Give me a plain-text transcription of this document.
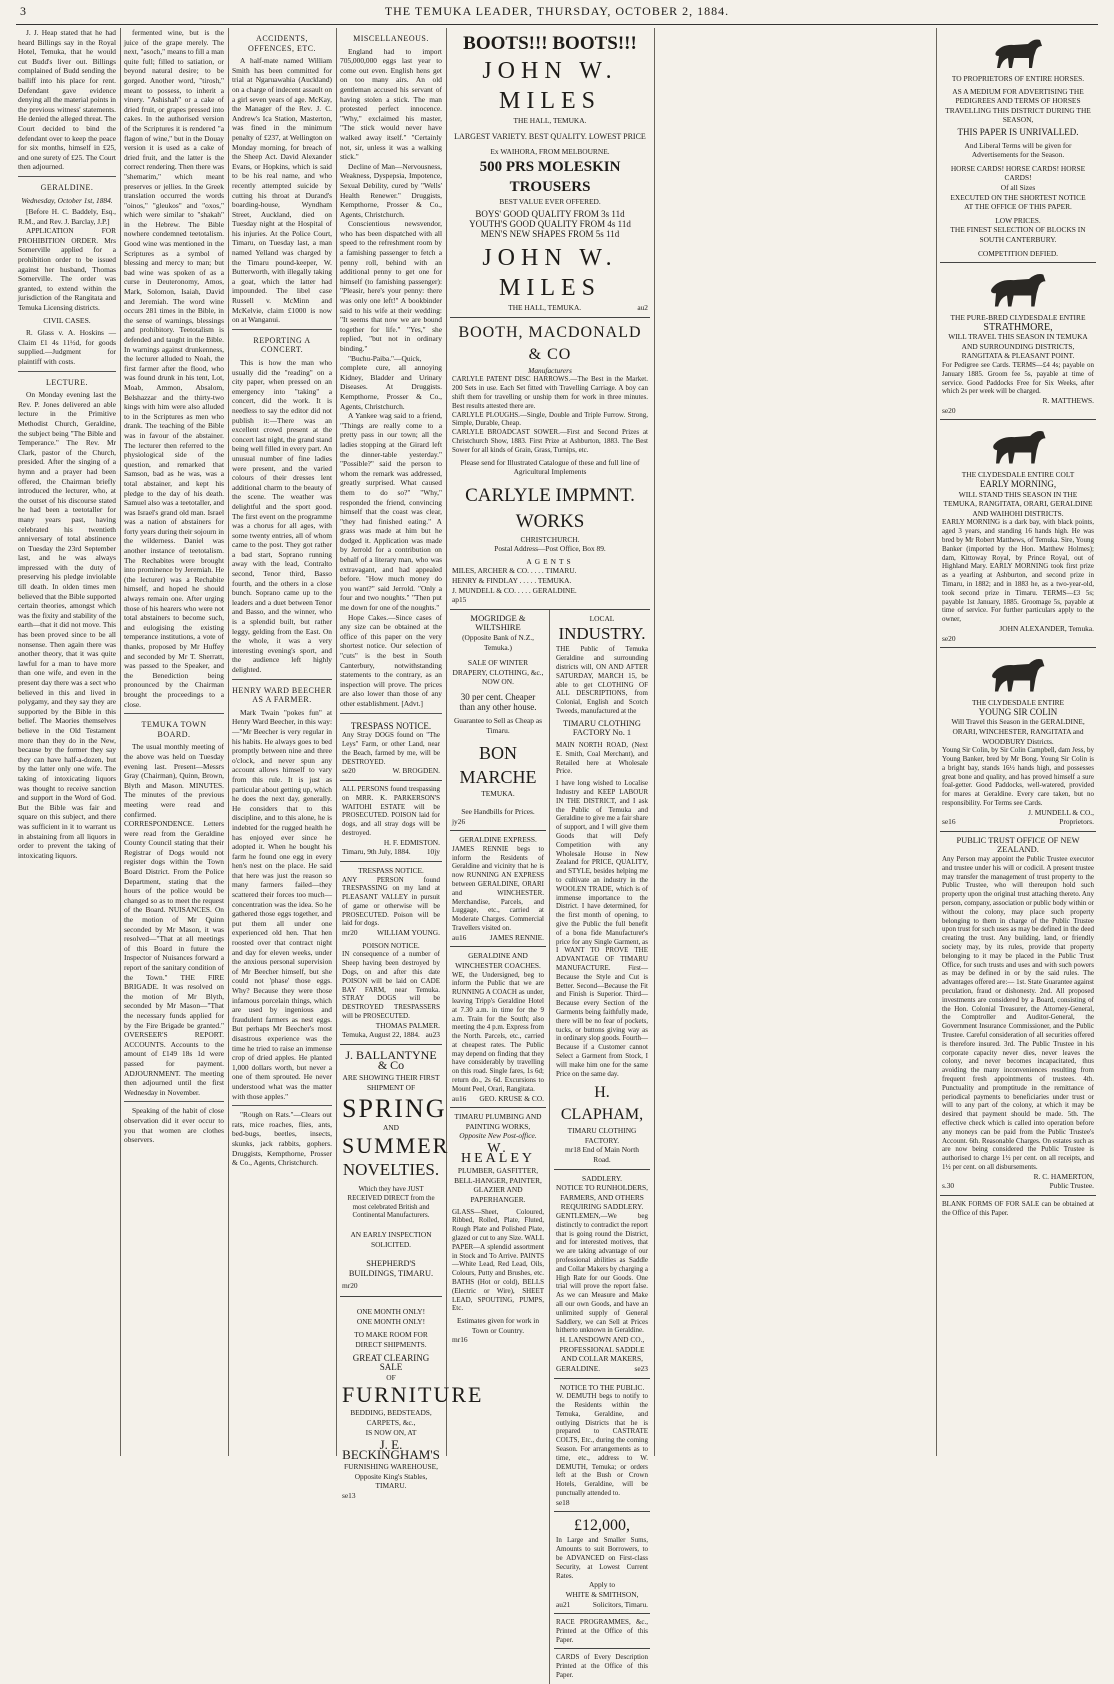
3	THE TEMUKA LEADER, THURSDAY, OCTOBER 2, 1884.

J. J. Heap stated that he had heard Billings say in the Royal Hotel, Temuka, that he would cut Budd's liver out. Billings complained of Budd sending the bailiff into his place for rent. Defendant gave evidence denying all the material points in the previous witness' statements. He denied the alleged threat. The Court decided to bind the defendant over to keep the peace for six months, himself in £25, and one surety of £25. The Court then adjourned.

GERALDINE.
Wednesday, October 1st, 1884.

[Before H. C. Baddely, Esq., R.M., and Rev. J. Barclay, J.P.]

APPLICATION FOR PROHIBITION ORDER. Mrs Somerville applied for a prohibition order to be issued against her husband, Thomas Somerville. The order was granted, to extend within the jurisdiction of the Rangitata and Temuka Licensing districts.

CIVIL CASES.

R. Glass v. A. Hoskins — Claim £1 4s 11½d, for goods supplied.—Judgment for plaintiff with costs.

LECTURE.

On Monday evening last the Rev. P. Jones delivered an able lecture in the Primitive Methodist Church, Geraldine, the subject being "The Bible and Temperance." The Rev. Mr Clark, pastor of the Church, presided. After the singing of a hymn and a prayer had been offered, the Chairman briefly introduced the lecturer, who, at the outset of his discourse stated he had been a teetotaller for many years past, having celebrated his twentieth anniversary of total abstinence on Tuesday the 23rd September last, and he was always impressed with the duty of preserving his pledge inviolable till death. In olden times men believed that the Bible supported certain theories, amongst which was the fixity and stability of the earth—that it did not move. This has been proved since to be all nonsense. Then again there was another theory, that it was quite lawful for a man to have more than one wife, and even in the present day there was a sect who believed in this and lived in polygamy, and they say they are supported by the Bible in this belief. The Maories themselves believe in the Old Testament more than they do in the New, because by the former they say they can have half-a-dozen, but by the latter only one wife. The taking of intoxicating liquors was thought to receive sanction and support in the Word of God. But the Bible was fair and square on this subject, and there was sufficient in it to warrant us in abstaining from all liquors in order to prevent the taking of intoxicating liquors.

fermented wine, but is the juice of the grape merely. The next, "asoch," means to fill a man quite full; filled to satiation, or beyond natural desire; to be gorged. Another word, "tirosh," meant to possess, to inherit a vinery. "Ashishah" or a cake of dried fruit, or grapes pressed into cakes. In the authorised version of the Scriptures it is rendered "a flagon of wine," but in the Douay version it is used as a cake of dried fruit, and the latter is the correct rendering. Then there was "shemarim," which meant preserves or jellies. In the Greek translation occurred the words "oinos," "gleukos" and "oxos," which were similar to "shakah" in the Hebrew. The Bible nowhere condemned teetotalism. Good wine was mentioned in the Scriptures as a symbol of blessing and mercy to man; but bad wine was spoken of as a curse in Deuteronomy, Amos, Mark, Solomon, Isaiah, David and Jeremiah. The word wine occurs 281 times in the Bible, in the sense of warnings, blessings and prohibitory. Teetotalism is defended and taught in the Bible. In warnings against drunkenness, the lecturer alluded to Noah, the first farmer after the flood, who was found drunk in his tent, Lot, Moab, Ammon, Absalom, Belshazzar and the thirty-two kings with him were also alluded to in the Scriptures as men who drank. The teaching of the Bible was in favour of the abstainer. The lecturer then referred to the physiological side of the question, and remarked that Samson, bad as he was, was a total abstainer, and kept his pledge to the day of his death. Samuel also was a teetotaller, and was Israel's grand old man. Israel was a nation of abstainers for forty years during their sojourn in the wilderness. Daniel was another instance of teetotalism. The Rechabites were brought into prominence by Jeremiah. He (the lecturer) was a Rechabite himself, and hoped he should always remain one. After urging those of his hearers who were not total abstainers to become such, and eulogising the existing temperance institutions, a vote of thanks, proposed by Mr Huffey and seconded by Mr T. Sherratt, was passed to the Speaker, and the Benediction being pronounced by the Chairman brought the proceedings to a close.

TEMUKA TOWN BOARD.

The usual monthly meeting of the above was held on Tuesday evening last. Present—Messrs Gray (Chairman), Quinn, Brown, Blyth and Mason. MINUTES. The minutes of the previous meeting were read and confirmed. CORRESPONDENCE. Letters were read from the Geraldine County Council stating that their Registrar of Dogs would not register dogs within the Town Board District. From the Police Department, stating that the hours of the police would be changed so as to meet the request of the Board. NUISANCES. On the motion of Mr Quinn seconded by Mr Mason, it was resolved—"That at all meetings of this Board in future the Inspector of Nuisances forward a report of the sanitary condition of the Town." THE FIRE BRIGADE. It was resolved on the motion of Mr Blyth, seconded by Mr Mason—"That the necessary funds applied for by the Fire Brigade be granted." OVERSEER'S REPORT. ACCOUNTS. Accounts to the amount of £149 18s 1d were passed for payment. ADJOURNMENT. The meeting then adjourned until the first Wednesday in November.

Speaking of the habit of close observation did it ever occur to you that women are clothes observers.

ACCIDENTS, OFFENCES, ETC.

A half-mate named William Smith has been committed for trial at Ngaruawahia (Auckland) on a charge of indecent assault on a girl seven years of age. McKay, the Manager of the Rev. J. C. Andrew's Ica Station, Masterton, was fined in the minimum penalty of £237, at Wellington on Monday morning, for breach of the Sheep Act. David Alexander Evans, or Hopkins, which is said to be his real name, and who recently attempted suicide by cutting his throat at Durand's boarding-house, Wyndham Street, Auckland, died on Tuesday night at the Hospital of his injuries. At the Police Court, Timaru, on Tuesday last, a man named Yelland was charged by the Timaru pound-keeper, W. Butterworth, with illegally taking a goat, which the latter had impounded. The libel case Russell v. McMinn and McKelvie, claim £1000 is now on at Wanganui.

REPORTING A CONCERT.

This is how the man who usually did the "reading" on a city paper, when pressed on an emergency into "taking" a concert, did the work. It is needless to say the editor did not publish it:—There was an excellent crowd present at the concert last night, the grand stand being well filled in every part. An unusual number of fine ladies were present, and the varied colours of their dresses lent additional charm to the beauty of the scene. The weather was delightful and the sport good. The first event on the programme was a chorus for all ages, with some twenty entries, all of whom came to the post. They got rather a bad start, Soprano running away with the lead, Contralto second, Tenor third, Basso fourth, and the others in a close bunch. Soprano came up to the leaders and a duet between Tenor and Basso, and the winner, who is a splendid built, but rather leggy, gelding from the East. On the whole, it was a very interesting evening's sport, and the audience left highly delighted.

HENRY WARD BEECHER AS A FARMER.

Mark Twain "pokes fun" at Henry Ward Beecher, in this way:—"Mr Beecher is very regular in his habits. He always goes to bed promptly between nine and three o'clock, and never spun any account allows himself to vary from this rule. It is just as particular about getting up, which he does the next day, generally. He considers that to this discipline, and to this alone, he is indebted for the rugged health he has enjoyed ever since he adopted it. When he bought his farm he found one egg in every hen's nest on the place. He said that here was just the reason so many farmers failed—they scattered their forces too much—concentration was the idea. So he gathered those eggs together, and put them all under one experienced old hen. That hen roosted over that contract night and day for eleven weeks, under the anxious personal supervision of Mr Beecher himself, but she could not 'phase' those eggs. Why? Because they were those infamous porcelain things, which are used by ingenious and fraudulent farmers as nest eggs. But perhaps Mr Beecher's most disastrous experience was the time he tried to raise an immense crop of dried apples. He planted 1,000 dollars worth, but never a one of them sprouted. He never understood what was the matter with those apples."

"Rough on Rats."—Clears out rats, mice roaches, flies, ants, bed-bugs, beetles, insects, skunks, jack rabbits, gophers. Druggists, Kempthorne, Prosser & Co., Agents, Christchurch.

MISCELLANEOUS.

England had to import 705,000,000 eggs last year to come out even. English hens get on too many airs. An old gentleman accused his servant of having stolen a stick. The man protested perfect innocence. "Why," exclaimed his master, "The stick would never have walked away itself." "Certainly not, sir, unless it was a walking stick."

Decline of Man—Nervousness, Weakness, Dyspepsia, Impotence, Sexual Debility, cured by "Wells' Health Renewer." Druggists, Kempthorne, Prosser & Co., Agents, Christchurch.

Conscientious newsvendor, who has been dispatched with all speed to the refreshment room by a famishing passenger to fetch a penny roll, behind with an additional penny to get one for himself (to famishing passenger): "Pleasir, here's your penny: there was only one left!" A bookbinder said to his wife at their wedding: "It seems that now we are bound together for life." "Yes," she replied, "but not in ordinary binding."

"Buchu-Paiba."—Quick, complete cure, all annoying Kidney, Bladder and Urinary Diseases. At Druggists. Kempthorne, Prosser & Co., Agents, Christchurch.

A Yankee wag said to a friend, "Things are really come to a pretty pass in our town; all the ladies stopping at the Girard left the dinner-table yesterday." "Possible?" said the person to whom the remark was addressed, greatly surprised. What caused them to do so?" "Why," responded the friend, convincing himself that the coast was clear, "they had finished eating." A grass was made at him but he dodged it. Application was made by Jerrold for a contribution on behalf of a literary man, who was extravagant, and had appealed before. "How much money do you want?" said Jerrold. "Only a four and two noughts." "Then put me down for one of the noughts."

Hope Cakes.—Since cases of any size can be obtained at the office of this paper on the very shortest notice. Our selection of "cuts" is the best in South Canterbury, notwithstanding statements to the contrary, as an inspection will prove. The prices are also lower than those of any other establishment. [Advt.]

TRESPASS NOTICE.
Any Stray DOGS found on "The Leys" Farm, or other Land, near the Beach, farmed by me, will be DESTROYED.
se20	W. BROGDEN.
ALL PERSONS found trespassing on MRR. K. PARKERSON'S WAITOHI ESTATE will be PROSECUTED. POISON laid for dogs, and all stray dogs will be destroyed.
H. F. EDMISTON.
Timaru, 9th July, 1884. 10jy
TRESPASS NOTICE.
ANY PERSON found TRESPASSING on my land at PLEASANT VALLEY in pursuit of game or otherwise will be PROSECUTED. Poison will be laid for dogs.
mr20	WILLIAM YOUNG.
POISON NOTICE.
IN consequence of a number of Sheep having been destroyed by Dogs, on and after this date POISON will be laid on CADE BAY FARM, near Temuka. STRAY DOGS will be DESTROYED TRESPASSERS will be PROSECUTED.
THOMAS PALMER.
Temuka, August 22, 1884. au23
J. BALLANTYNE & Co
ARE SHOWING THEIR FIRST SHIPMENT OF
SPRING
AND
SUMMER
NOVELTIES.
Which they have JUST RECEIVED DIRECT from the most celebrated British and Continental Manufacturers.
AN EARLY INSPECTION SOLICITED.
SHEPHERD'S BUILDINGS, TIMARU.
mr20
ONE MONTH ONLY!
ONE MONTH ONLY!
TO MAKE ROOM FOR DIRECT SHIPMENTS.
GREAT CLEARING SALE
OF
FURNITURE
BEDDING, BEDSTEADS, CARPETS, &c.,
IS NOW ON, AT
J. E. BECKINGHAM'S
FURNISHING WAREHOUSE, Opposite King's Stables, TIMARU.
se13
BOOTS!!! BOOTS!!!
JOHN W. MILES
THE HALL, TEMUKA.
LARGEST VARIETY. BEST QUALITY. LOWEST PRICE
Ex WAIHORA, FROM MELBOURNE.
500 PRS MOLESKIN TROUSERS
BEST VALUE EVER OFFERED.
BOYS' GOOD QUALITY FROM 3s 11d
YOUTH'S GOOD QUALITY FROM 4s 11d
MEN'S NEW SHAPES FROM 5s 11d
JOHN W. MILES
THE HALL, TEMUKA.	au2
BOOTH, MACDONALD & CO
Manufacturers
CARLYLE PATENT DISC HARROWS.—The Best in the Market. 200 Sets in use. Each Set fitted with Travelling Carriage. A boy can shift them for travelling or unship them for work in three minutes. Best results attested there are.
CARLYLE PLOUGHS.—Single, Double and Triple Furrow. Strong, Simple, Durable, Cheap.
CARLYLE BROADCAST SOWER.—First and Second Prizes at Christchurch Show, 1883. First Prize at Ashburton, 1883. The Best Sower for all kinds of Grain, Grass, Turnips, etc.
Please send for Illustrated Catalogue of these and full line of Agricultural Implements
CARLYLE IMPMNT. WORKS
CHRISTCHURCH.
Postal Address—Post Office, Box 89.
AGENTS
MILES, ARCHER & CO. . . . . TIMARU.
HENRY & FINDLAY . . . . . TEMUKA.
J. MUNDELL & CO. . . . . GERALDINE.
ap15
MOGRIDGE & WILTSHIRE
(Opposite Bank of N.Z., Temuka.)
SALE OF WINTER DRAPERY, CLOTHING, &c., NOW ON.
30 per cent. Cheaper than any other house.
Guarantee to Sell as Cheap as Timaru.
BON MARCHE
TEMUKA.
See Handbills for Prices.
jy26
GERALDINE EXPRESS.
JAMES RENNIE begs to inform the Residents of Geraldine and vicinity that he is now RUNNING AN EXPRESS between GERALDINE, ORARI and WINCHESTER. Merchandise, Parcels, and Luggage, etc., carried at Moderate Charges. Commercial Travellers visited on.
au16	JAMES RENNIE.
GERALDINE AND WINCHESTER COACHES.
WE, the Undersigned, beg to inform the Public that we are RUNNING A COACH as under, leaving Tripp's Geraldine Hotel at 7.30 a.m. in time for the 9 a.m. Train for the South; also meeting the 4 p.m. Express from the North. Parcels, etc., carried at cheapest rates. The Public may depend on finding that they have considerably by travelling on this road. Single fares, 1s 6d; return do., 2s 6d. Excursions to Mount Peel, Orari, Rangitata.
au16 GEO. KRUSE & CO.
TIMARU PLUMBING AND PAINTING WORKS,
Opposite New Post-office.
W. HEALEY
PLUMBER, GASFITTER, BELL-HANGER, PAINTER, GLAZIER AND PAPERHANGER.
GLASS—Sheet, Coloured, Ribbed, Rolled, Plate, Fluted, Rough Plate and Polished Plate, glazed or cut to any Size. WALL PAPER—A splendid assortment in Stock and To Arrive. PAINTS—White Lead, Red Lead, Oils, Colours, Putty and Brushes, etc. BATHS (Hot or cold), BELLS (Electric or Wire), SHEET LEAD, SPOUTING, PUMPS, Etc.
Estimates given for work in Town or Country.
mr16
LOCAL
INDUSTRY.
THE Public of Temuka Geraldine and surrounding districts will, ON AND AFTER SATURDAY, MARCH 15, be able to get CLOTHING OF ALL DESCRIPTIONS, from Colonial, English and Scotch Tweeds, manufactured at the
TIMARU CLOTHING FACTORY No. 1
MAIN NORTH ROAD, (Next E. Smith, Coal Merchant), and Retailed here at Wholesale Price.
I have long wished to Localise Industry and KEEP LABOUR IN THE DISTRICT, and I ask the Public of Temuka and Geraldine to give me a fair share of support, and I will give them Goods that will Defy Competition with any Wholesale House in New Zealand for PRICE, QUALITY, and STYLE, besides helping me to cultivate an industry in the WOOLEN TRADE, which is of immense importance to the District. I have determined, for the first month of opening, to give the Public the full benefit of a bona fide Manufacturer's price for any Single Garment, as I WANT TO PROVE THE ADVANTAGE OF TIMARU MANUFACTURE. First—Because the Style and Cut is Better. Second—Because the Fit and Finish is Superior. Third—Because every Section of the Garments being faithfully made, there will be no fear of pockets, tucks, or buttons giving way as in ordinary slop goods. Fourth—Because if a Customer cannot Select a Garment from Stock, I will make him one for the same Price on the same day.
H. CLAPHAM,
TIMARU CLOTHING FACTORY.
mr18 End of Main North Road.
SADDLERY.
NOTICE TO RUNHOLDERS, FARMERS, AND OTHERS REQUIRING SADDLERY.
GENTLEMEN,—We beg distinctly to contradict the report that is going round the District, and for interested motives, that we are taking advantage of our professional abilities as Saddle and Collar Makers by charging a High Rate for our Goods. One trial will prove the report false. As we can Measure and Make all our own Goods, and have an unlimited supply of General Saddlery, we can Sell at Prices hitherto unknown in Geraldine.
H. LANSDOWN AND CO.,
PROFESSIONAL SADDLE AND COLLAR MAKERS,
GERALDINE.	se23
NOTICE TO THE PUBLIC.
W. DEMUTH begs to notify to the Residents within the Temuka, Geraldine, and outlying Districts that he is prepared to CASTRATE COLTS, Etc., during the coming Season. For arrangements as to time, etc., address to W. DEMUTH, Temuka; or orders left at the Bush or Crown Hotels, Geraldine, will be punctually attended to.
se18
£12,000,
In Large and Smaller Sums, Amounts to suit Borrowers, to be ADVANCED on First-class Security, at Lowest Current Rates.
Apply to
WHITE & SMITHSON,
au21	Solicitors, Timaru.
RACE PROGRAMMES, &c., Printed at the Office of this Paper.
CARDS of Every Description Printed at the Office of this Paper.
TO PROPRIETORS OF ENTIRE HORSES.
AS A MEDIUM FOR ADVERTISING THE PEDIGREES AND TERMS OF HORSES TRAVELLING THIS DISTRICT DURING THE SEASON,
THIS PAPER IS UNRIVALLED.
And Liberal Terms will be given for Advertisements for the Season.
HORSE CARDS! HORSE CARDS! HORSE CARDS!
Of all Sizes
EXECUTED ON THE SHORTEST NOTICE
AT THE OFFICE OF THIS PAPER.
LOW PRICES.
THE FINEST SELECTION OF BLOCKS IN SOUTH CANTERBURY.
COMPETITION DEFIED.
THE PURE-BRED CLYDESDALE ENTIRE
STRATHMORE,
WILL TRAVEL THIS SEASON IN TEMUKA AND SURROUNDING DISTRICTS, RANGITATA & PLEASANT POINT.
For Pedigree see Cards. TERMS—£4 4s; payable on January 1885. Groom fee 5s, payable at time of service. Good Paddocks Free for Six Weeks, after which 2s per week will be charged.
R. MATTHEWS.
se20
THE CLYDESDALE ENTIRE COLT
EARLY MORNING,
WILL STAND THIS SEASON IN THE TEMUKA, RANGITATA, ORARI, GERALDINE AND WAIHOHI DISTRICTS.
EARLY MORNING is a dark bay, with black points, aged 3 years, and standing 16 hands high. He was bred by Mr Robert Matthews, of Temuka. Sire, Young Banker (imported by the Hon. Matthew Holmes); dam, Kittoway Royal, by Prince Royal, out of Highland Mary. EARLY MORNING took first prize as a yearling at Ashburton, and second prize in Timaru, in 1882; and in 1883 he, as a two-year-old, took second prize in Timaru. TERMS—£3 5s; payable 1st January, 1885. Groomage 5s, payable at time of service. For further particulars apply to the owner,
JOHN ALEXANDER, Temuka.
se20
THE CLYDESDALE ENTIRE
YOUNG SIR COLIN
Will Travel this Season in the GERALDINE, ORARI, WINCHESTER, RANGITATA and WOODBURY Districts.
Young Sir Colin, by Sir Colin Campbell, dam Jess, by Young Banker, bred by Mr Bong. Young Sir Colin is a bright bay, stands 16½ hands high, and possesses great bone and quality, and has proved himself a sure foal-getter. Good Paddocks, well-watered, provided for mares at Geraldine. Every care taken, but no responsibility. For Terms see Cards.
J. MUNDELL & CO.,
se16	Proprietors.
PUBLIC TRUST OFFICE OF NEW ZEALAND.
Any Person may appoint the Public Trustee executor and trustee under his will or codicil. A present trustee may transfer the management of trust property to the Public Trustee, who will thereupon hold such property upon the original trust attaching thereto. Any person, company, association or public body within or without the colony, may place such property belonging to them in charge of the Public Trustee upon trust for such uses as may be defined in the deed creating the trust. Any building, land, or friendly society may, by its rules, provide that property belonging to it may be placed in the Public Trust Office, for such trusts and uses and with such powers as may be defined in or by the said rules. The advantages offered are:— 1st. State Guarantee against peculation, fraud or dishonesty. 2nd. All proposed investments are considered by a Board, consisting of the Hon. Colonial Treasurer, the Attorney-General, the Comptroller and Auditor-General, the Government Insurance Commissioner, and the Public Trustee. Careful consideration of all securities offered is therefore insured. 3rd. The Public Trustee in his corporate capacity never dies, never leaves the colony, and never becomes incapacitated, thus avoiding the many inconveniences resulting from frequent fresh appointments of trustees. 4th. Punctuality and promptitude in the remittance of periodical payments to beneficiaries under trust or will to any part of the colony, at which it may be desired that payment should be made. 5th. The effective check which is called into operation before any moneys can be paid from the Public Trustee's Account. 6th. Reasonable Charges. On estates such as are now being considered the Public Trustee is authorised to charge 1½ per cent. on all receipts, and 1½ per cent. on all disbursements.
R. C. HAMERTON,
s.30	Public Trustee.
BLANK FORMS OF FOR SALE can be obtained at the Office of this Paper.
